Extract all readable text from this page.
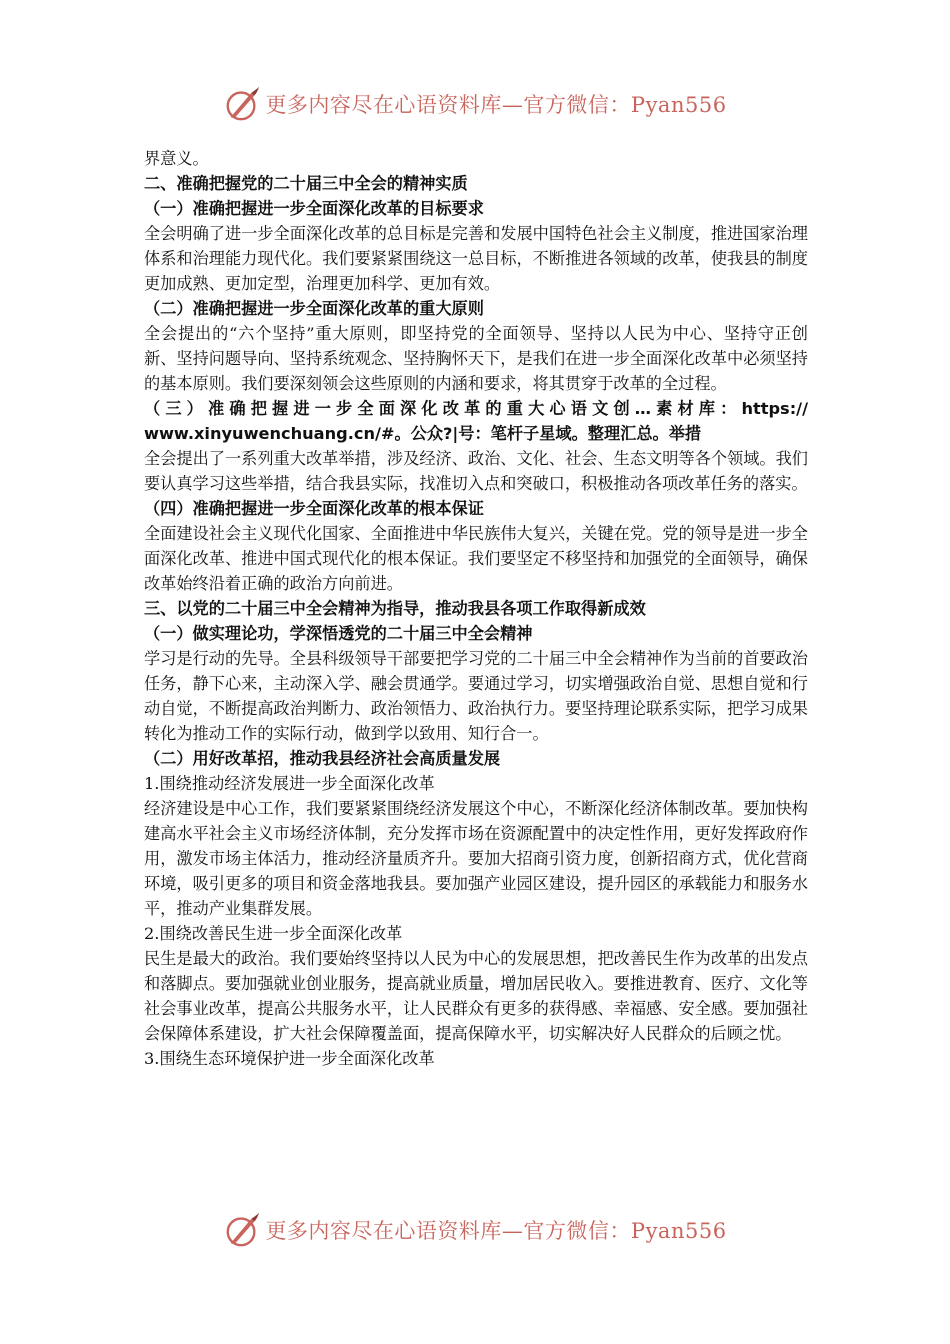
更多内容尽在心语资料库—官方微信：Pyan556

界意义。

二、准确把握党的二十届三中全会的精神实质

（一）准确把握进一步全面深化改革的目标要求

全会明确了进一步全面深化改革的总目标是完善和发展中国特色社会主义制度，推进国家治理体系和治理能力现代化。我们要紧紧围绕这一总目标，不断推进各领域的改革，使我县的制度更加成熟、更加定型，治理更加科学、更加有效。

（二）准确把握进一步全面深化改革的重大原则

全会提出的“六个坚持”重大原则，即坚持党的全面领导、坚持以人民为中心、坚持守正创新、坚持问题导向、坚持系统观念、坚持胸怀天下，是我们在进一步全面深化改革中必须坚持的基本原则。我们要深刻领会这些原则的内涵和要求，将其贯穿于改革的全过程。

（三）准确把握进一步全面深化改革的重大心语文创…素材库：https://

www.xinyuwenchuang.cn/#。公众?|号：笔杆子星域。整理汇总。举措

全会提出了一系列重大改革举措，涉及经济、政治、文化、社会、生态文明等各个领域。我们要认真学习这些举措，结合我县实际，找准切入点和突破口，积极推动各项改革任务的落实。

（四）准确把握进一步全面深化改革的根本保证

全面建设社会主义现代化国家、全面推进中华民族伟大复兴，关键在党。党的领导是进一步全面深化改革、推进中国式现代化的根本保证。我们要坚定不移坚持和加强党的全面领导，确保改革始终沿着正确的政治方向前进。

三、以党的二十届三中全会精神为指导，推动我县各项工作取得新成效

（一）做实理论功，学深悟透党的二十届三中全会精神

学习是行动的先导。全县科级领导干部要把学习党的二十届三中全会精神作为当前的首要政治任务，静下心来，主动深入学、融会贯通学。要通过学习，切实增强政治自觉、思想自觉和行动自觉，不断提高政治判断力、政治领悟力、政治执行力。要坚持理论联系实际，把学习成果转化为推动工作的实际行动，做到学以致用、知行合一。

（二）用好改革招，推动我县经济社会高质量发展

1.围绕推动经济发展进一步全面深化改革

经济建设是中心工作，我们要紧紧围绕经济发展这个中心，不断深化经济体制改革。要加快构建高水平社会主义市场经济体制，充分发挥市场在资源配置中的决定性作用，更好发挥政府作用，激发市场主体活力，推动经济量质齐升。要加大招商引资力度，创新招商方式，优化营商环境，吸引更多的项目和资金落地我县。要加强产业园区建设，提升园区的承载能力和服务水平，推动产业集群发展。

2.围绕改善民生进一步全面深化改革

民生是最大的政治。我们要始终坚持以人民为中心的发展思想，把改善民生作为改革的出发点和落脚点。要加强就业创业服务，提高就业质量，增加居民收入。要推进教育、医疗、文化等社会事业改革，提高公共服务水平，让人民群众有更多的获得感、幸福感、安全感。要加强社会保障体系建设，扩大社会保障覆盖面，提高保障水平，切实解决好人民群众的后顾之忧。

3.围绕生态环境保护进一步全面深化改革

更多内容尽在心语资料库—官方微信：Pyan556
